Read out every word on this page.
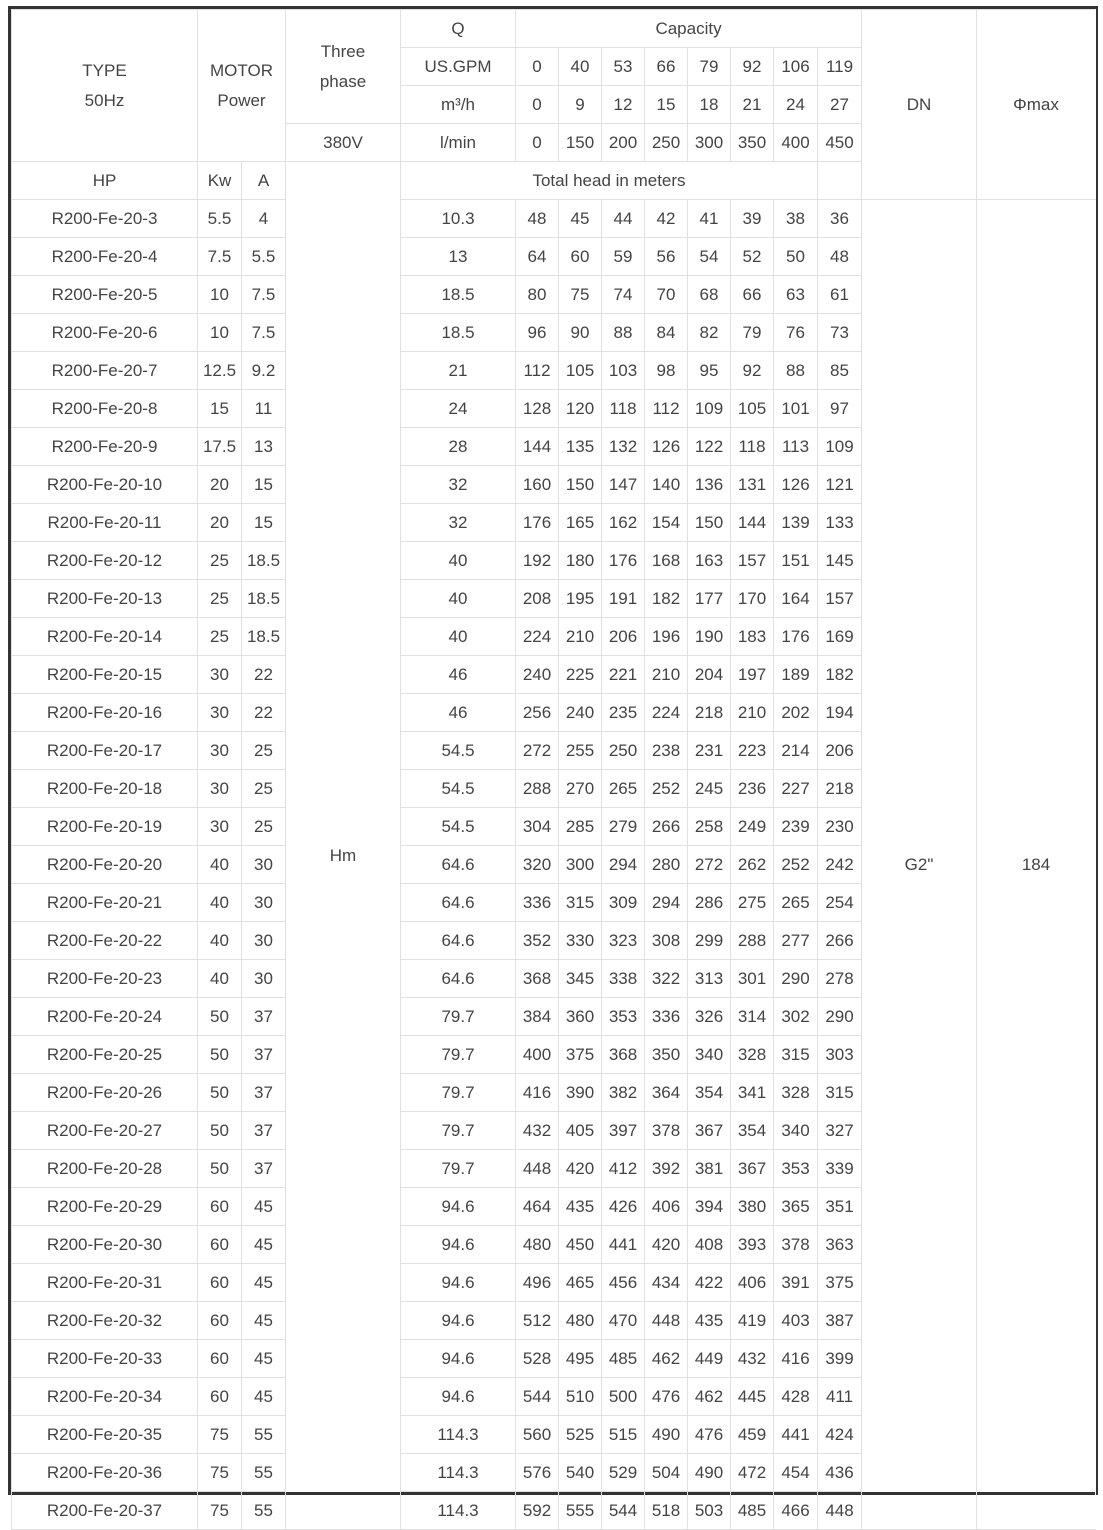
TYPE
50Hz	MOTOR
Power		Three
phase	Q	Capacity								DN	Φmax
				US.GPM	0	40	53	66	79	92	106	119		
				m³/h	0	9	12	15	18	21	24	27		
			380V	l/min	0	150	200	250	300	350	400	450		
HP	Kw	A	Hm	Total head in meters										
R200-Fe-20-3	5.5	4		10.3	48	45	44	42	41	39	38	36	G2"	184
R200-Fe-20-4	7.5	5.5		13	64	60	59	56	54	52	50	48		
R200-Fe-20-5	10	7.5		18.5	80	75	74	70	68	66	63	61		
R200-Fe-20-6	10	7.5		18.5	96	90	88	84	82	79	76	73		
R200-Fe-20-7	12.5	9.2		21	112	105	103	98	95	92	88	85		
R200-Fe-20-8	15	11		24	128	120	118	112	109	105	101	97		
R200-Fe-20-9	17.5	13		28	144	135	132	126	122	118	113	109		
R200-Fe-20-10	20	15		32	160	150	147	140	136	131	126	121		
R200-Fe-20-11	20	15		32	176	165	162	154	150	144	139	133		
R200-Fe-20-12	25	18.5		40	192	180	176	168	163	157	151	145		
R200-Fe-20-13	25	18.5		40	208	195	191	182	177	170	164	157		
R200-Fe-20-14	25	18.5		40	224	210	206	196	190	183	176	169		
R200-Fe-20-15	30	22		46	240	225	221	210	204	197	189	182		
R200-Fe-20-16	30	22		46	256	240	235	224	218	210	202	194		
R200-Fe-20-17	30	25		54.5	272	255	250	238	231	223	214	206		
R200-Fe-20-18	30	25		54.5	288	270	265	252	245	236	227	218		
R200-Fe-20-19	30	25		54.5	304	285	279	266	258	249	239	230		
R200-Fe-20-20	40	30		64.6	320	300	294	280	272	262	252	242		
R200-Fe-20-21	40	30		64.6	336	315	309	294	286	275	265	254		
R200-Fe-20-22	40	30		64.6	352	330	323	308	299	288	277	266		
R200-Fe-20-23	40	30		64.6	368	345	338	322	313	301	290	278		
R200-Fe-20-24	50	37		79.7	384	360	353	336	326	314	302	290		
R200-Fe-20-25	50	37		79.7	400	375	368	350	340	328	315	303		
R200-Fe-20-26	50	37		79.7	416	390	382	364	354	341	328	315		
R200-Fe-20-27	50	37		79.7	432	405	397	378	367	354	340	327		
R200-Fe-20-28	50	37		79.7	448	420	412	392	381	367	353	339		
R200-Fe-20-29	60	45		94.6	464	435	426	406	394	380	365	351		
R200-Fe-20-30	60	45		94.6	480	450	441	420	408	393	378	363		
R200-Fe-20-31	60	45		94.6	496	465	456	434	422	406	391	375		
R200-Fe-20-32	60	45		94.6	512	480	470	448	435	419	403	387		
R200-Fe-20-33	60	45		94.6	528	495	485	462	449	432	416	399		
R200-Fe-20-34	60	45		94.6	544	510	500	476	462	445	428	411		
R200-Fe-20-35	75	55		114.3	560	525	515	490	476	459	441	424		
R200-Fe-20-36	75	55		114.3	576	540	529	504	490	472	454	436		
R200-Fe-20-37	75	55		114.3	592	555	544	518	503	485	466	448		
